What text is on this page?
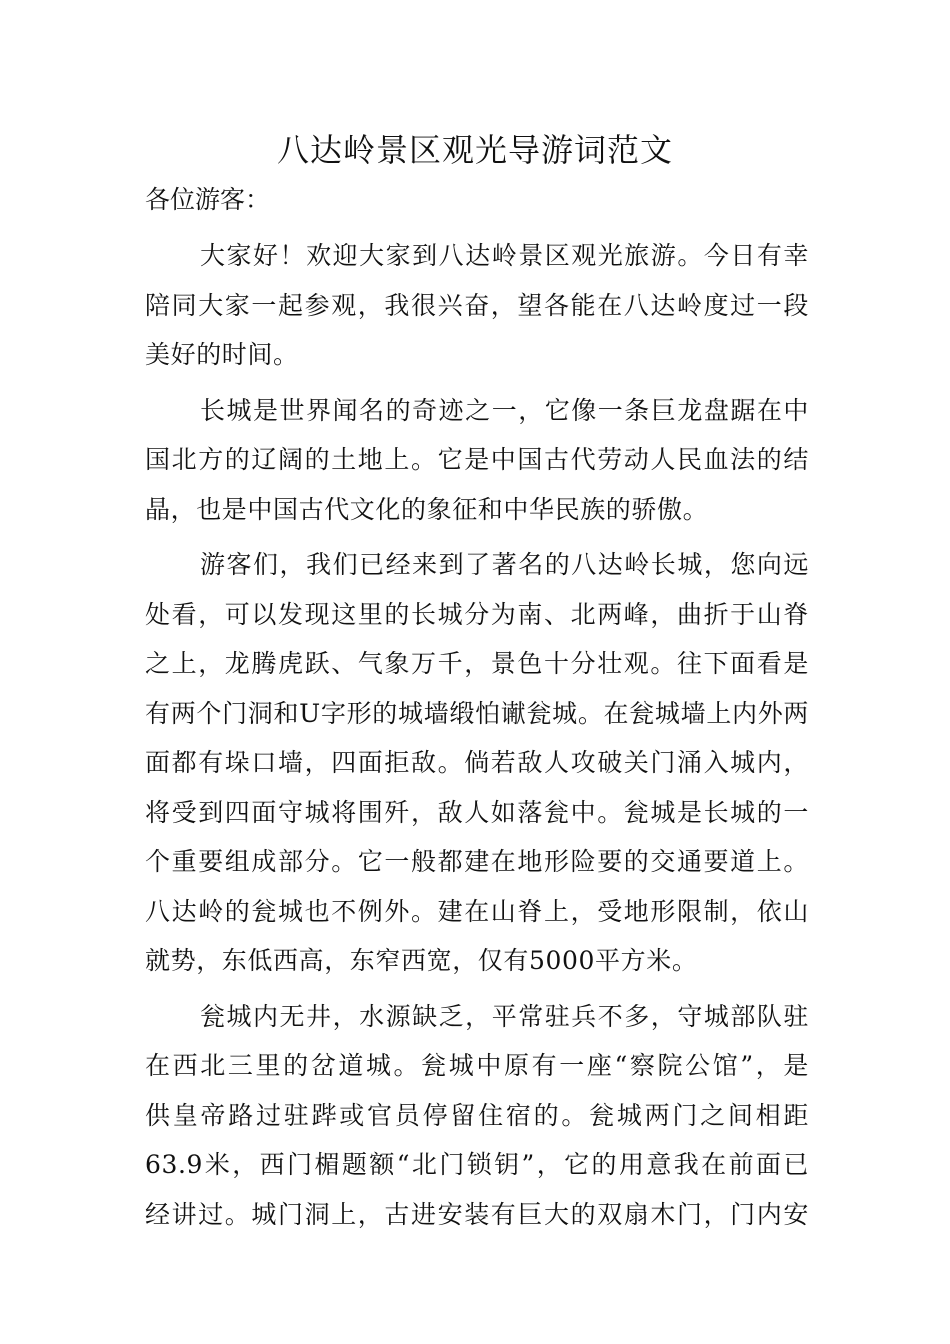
八达岭景区观光导游词范文

各位游客：

大家好！欢迎大家到八达岭景区观光旅游。今日有幸
陪同大家一起参观，我很兴奋，望各能在八达岭度过一段
美好的时间。
长城是世界闻名的奇迹之一，它像一条巨龙盘踞在中
国北方的辽阔的土地上。它是中国古代劳动人民血法的结
晶，也是中国古代文化的象征和中华民族的骄傲。
游客们，我们已经来到了著名的八达岭长城，您向远
处看，可以发现这里的长城分为南、北两峰，曲折于山脊
之上，龙腾虎跃、气象万千，景色十分壮观。往下面看是
有两个门洞和U字形的城墙缎怕谳瓮城。在瓮城墙上内外两
面都有垛口墙，四面拒敌。倘若敌人攻破关门涌入城内，
将受到四面守城将围歼，敌人如落瓮中。瓮城是长城的一
个重要组成部分。它一般都建在地形险要的交通要道上。
八达岭的瓮城也不例外。建在山脊上，受地形限制，依山
就势，东低西高，东窄西宽，仅有5000平方米。
瓮城内无井，水源缺乏，平常驻兵不多，守城部队驻
在西北三里的岔道城。瓮城中原有一座“察院公馆”，是
供皇帝路过驻跸或官员停留住宿的。瓮城两门之间相距
63.9米，西门楣题额“北门锁钥”，它的用意我在前面已
经讲过。城门洞上，古进安装有巨大的双扇木门，门内安
